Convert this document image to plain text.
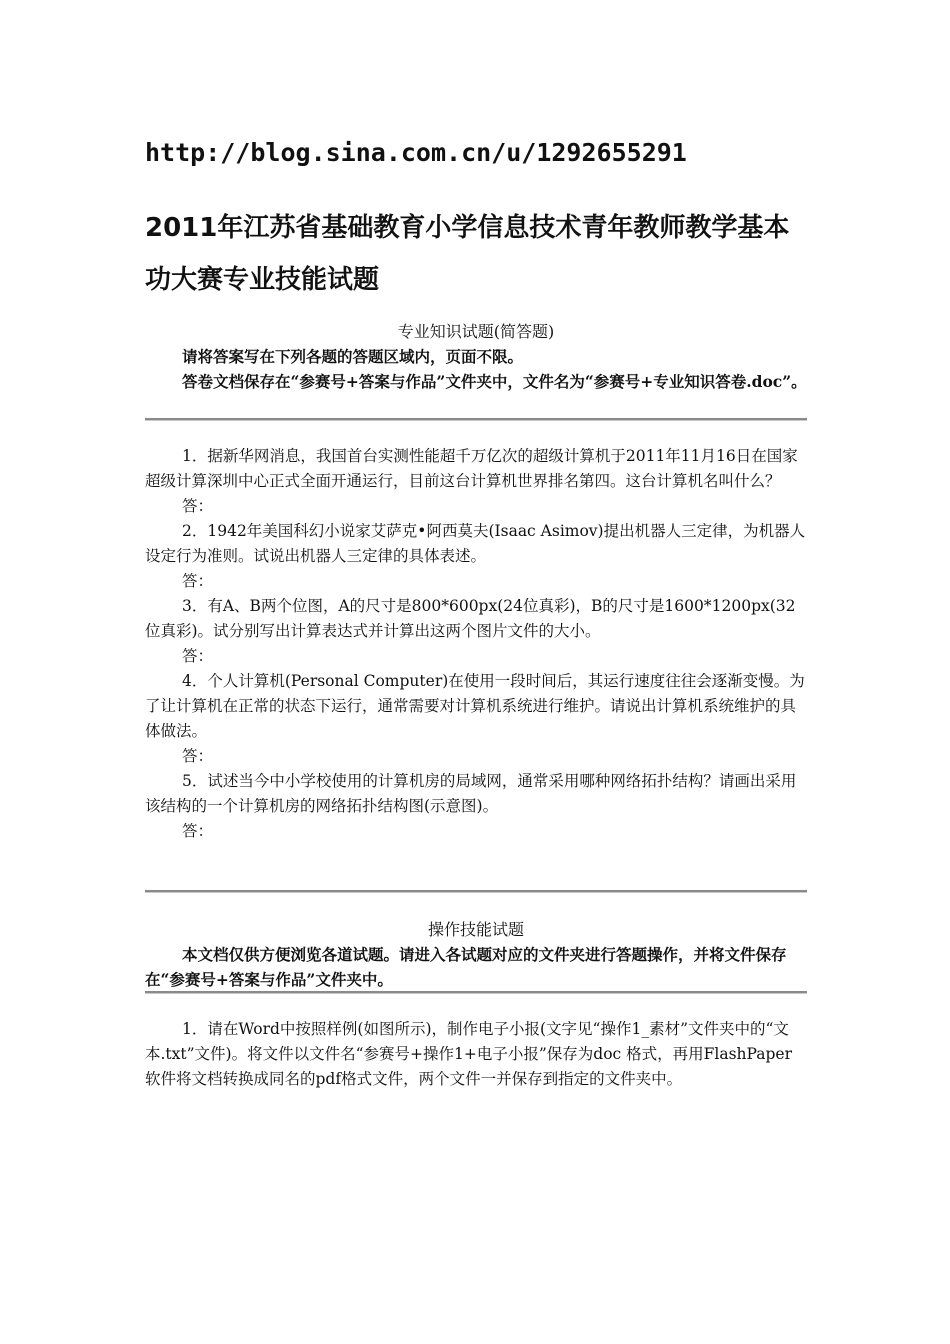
http://blog.sina.com.cn/u/1292655291
2011年江苏省基础教育小学信息技术青年教师教学基本功大赛专业技能试题
专业知识试题(简答题)

请将答案写在下列各题的答题区域内，页面不限。

答卷文档保存在“参赛号+答案与作品”文件夹中，文件名为“参赛号+专业知识答卷.doc”。

1．据新华网消息，我国首台实测性能超千万亿次的超级计算机于2011年11月16日在国家超级计算深圳中心正式全面开通运行，目前这台计算机世界排名第四。这台计算机名叫什么？

答：

2．1942年美国科幻小说家艾萨克•阿西莫夫(Isaac Asimov)提出机器人三定律，为机器人设定行为准则。试说出机器人三定律的具体表述。

答：

3．有A、B两个位图，A的尺寸是800*600px(24位真彩)，B的尺寸是1600*1200px(32位真彩)。试分别写出计算表达式并计算出这两个图片文件的大小。

答：

4．个人计算机(Personal Computer)在使用一段时间后，其运行速度往往会逐渐变慢。为了让计算机在正常的状态下运行，通常需要对计算机系统进行维护。请说出计算机系统维护的具体做法。

答：

5．试述当今中小学校使用的计算机房的局域网，通常采用哪种网络拓扑结构？请画出采用该结构的一个计算机房的网络拓扑结构图(示意图)。

答：

操作技能试题

本文档仅供方便浏览各道试题。请进入各试题对应的文件夹进行答题操作，并将文件保存在“参赛号+答案与作品”文件夹中。

1．请在Word中按照样例(如图所示)，制作电子小报(文字见“操作1_素材”文件夹中的“文本.txt”文件)。将文件以文件名“参赛号+操作1+电子小报”保存为doc 格式，再用FlashPaper软件将文档转换成同名的pdf格式文件，两个文件一并保存到指定的文件夹中。
